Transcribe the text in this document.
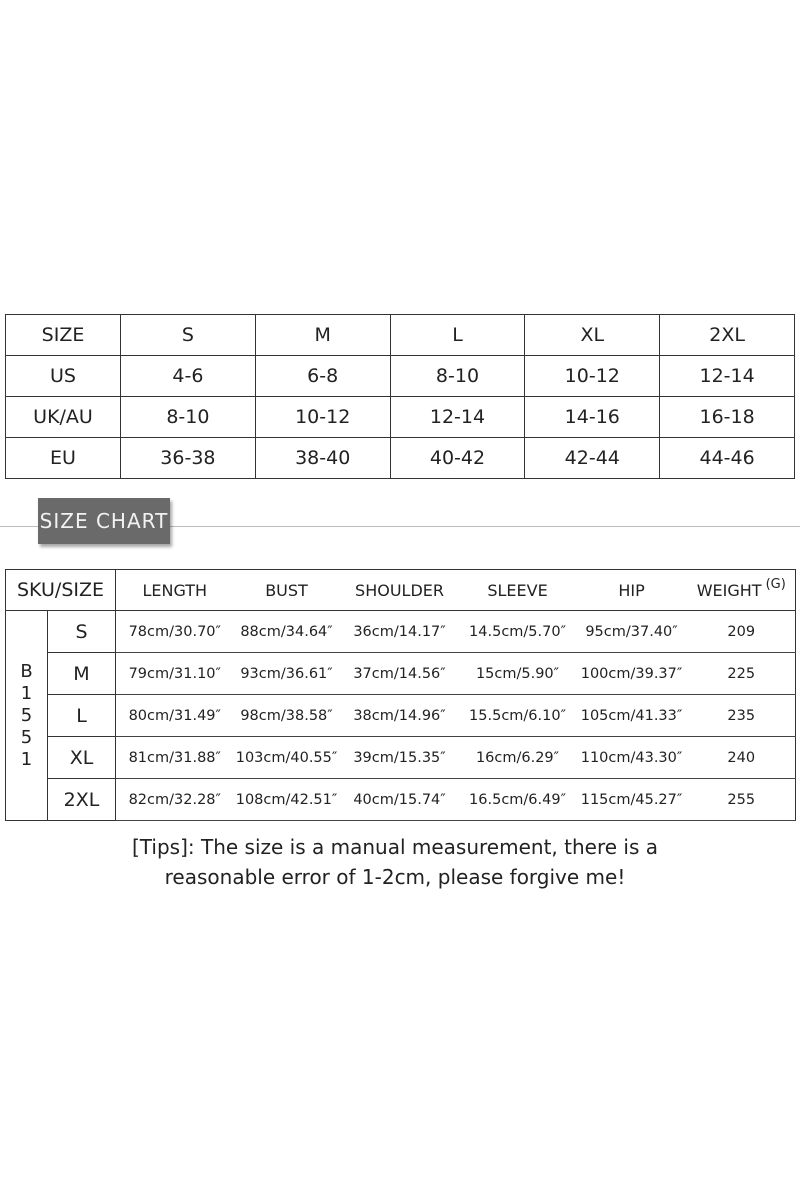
SIZE	S	M	L	XL	2XL
US	4-6	6-8	8-10	10-12	12-14
UK/AU	8-10	10-12	12-14	14-16	16-18
EU	36-38	38-40	40-42	42-44	44-46
SIZE CHART
SKU/SIZE		LENGTH	BUST	SHOULDER	SLEEVE	HIP	WEIGHT $^{(G)}$

B
1
5
5
1	S	78cm/30.70″	88cm/34.64″	36cm/14.17″	14.5cm/5.70″	95cm/37.40″	209
	M	79cm/31.10″	93cm/36.61″	37cm/14.56″	15cm/5.90″	100cm/39.37″	225
	L	80cm/31.49″	98cm/38.58″	38cm/14.96″	15.5cm/6.10″	105cm/41.33″	235
	XL	81cm/31.88″	103cm/40.55″	39cm/15.35″	16cm/6.29″	110cm/43.30″	240
	2XL	82cm/32.28″	108cm/42.51″	40cm/15.74″	16.5cm/6.49″	115cm/45.27″	255
[Tips]: The size is a manual measurement, there is a
reasonable error of 1-2cm, please forgive me!
